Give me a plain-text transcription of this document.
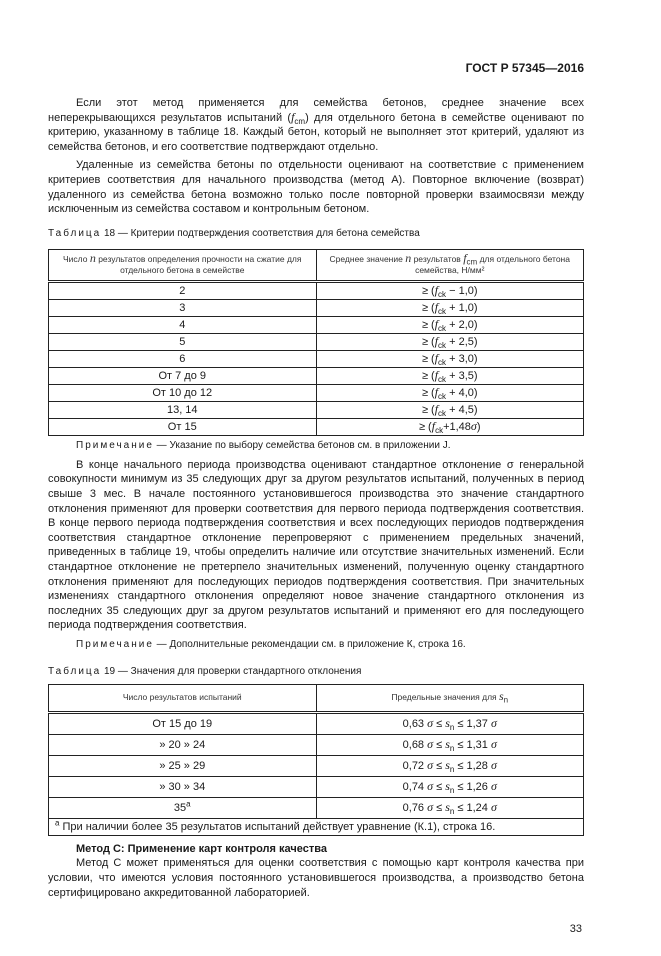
ГОСТ Р 57345—2016
Если этот метод применяется для семейства бетонов, среднее значение всех неперекрывающихся результатов испытаний $(f_{cm})$ для отдельного бетона в семействе оценивают по критерию, указанному в таблице 18. Каждый бетон, который не выполняет этот критерий, удаляют из семейства бетонов, и его соответствие подтверждают отдельно.
Удаленные из семейства бетоны по отдельности оценивают на соответствие с применением критериев соответствия для начального производства (метод А). Повторное включение (возврат) удаленного из семейства бетона возможно только после повторной проверки взаимосвязи между исключенным из семейства составом и контрольным бетоном.
Таблица 18 — Критерии подтверждения соответствия для бетона семейства
Число n результатов определения прочности на сжатие для отдельного бетона в семействе	Среднее значение n результатов $f_{cm}$ для отдельного бетона семейства, Н/мм²
2	≥ $(f_{ck} - 1,0)$
3	≥ $(f_{ck} + 1,0)$
4	≥ $(f_{ck} + 2,0)$
5	≥ $(f_{ck} + 2,5)$
6	≥ $(f_{ck} + 3,0)$
От 7 до 9	≥ $(f_{ck} + 3,5)$
От 10 до 12	≥ $(f_{ck} + 4,0)$
13, 14	≥ $(f_{ck} + 4,5)$
От 15	≥ $(f_{ck}+1,48\sigma)$
Примечание — Указание по выбору семейства бетонов см. в приложении J.
В конце начального периода производства оценивают стандартное отклонение σ генеральной совокупности минимум из 35 следующих друг за другом результатов испытаний, полученных в период свыше 3 мес. В начале постоянного установившегося производства это значение стандартного отклонения применяют для проверки соответствия для первого периода подтверждения соответствия. В конце первого периода подтверждения соответствия и всех последующих периодов подтверждения соответствия стандартное отклонение перепроверяют с применением предельных значений, приведенных в таблице 19, чтобы определить наличие или отсутствие значительных изменений. Если стандартное отклонение не претерпело значительных изменений, полученную оценку стандартного отклонения применяют для последующих периодов подтверждения соответствия. При значительных изменениях стандартного отклонения определяют новое значение стандартного отклонения из последних 35 следующих друг за другом результатов испытаний и применяют его для последующего периода подтверждения соответствия.
Примечание — Дополнительные рекомендации см. в приложение К, строка 16.
Таблица 19 — Значения для проверки стандартного отклонения
Число результатов испытаний	Предельные значения для $s_n$
От 15 до 19	0,63 $\sigma \le s_n \le 1,37$ σ
» 20 » 24	0,68 $\sigma \le s_n \le 1,31$ σ
» 25 » 29	0,72 $\sigma \le s_n \le 1,28$ σ
» 30 » 34	0,74 $\sigma \le s_n \le 1,26$ σ
35$^a$	0,76 $\sigma \le s_n \le 1,24$ σ
$^a$ При наличии более 35 результатов испытаний действует уравнение (К.1), строка 16.	
Метод С: Применение карт контроля качества
Метод С может применяться для оценки соответствия с помощью карт контроля качества при условии, что имеются условия постоянного установившегося производства, а производство бетона сертифицировано аккредитованной лабораторией.
33
